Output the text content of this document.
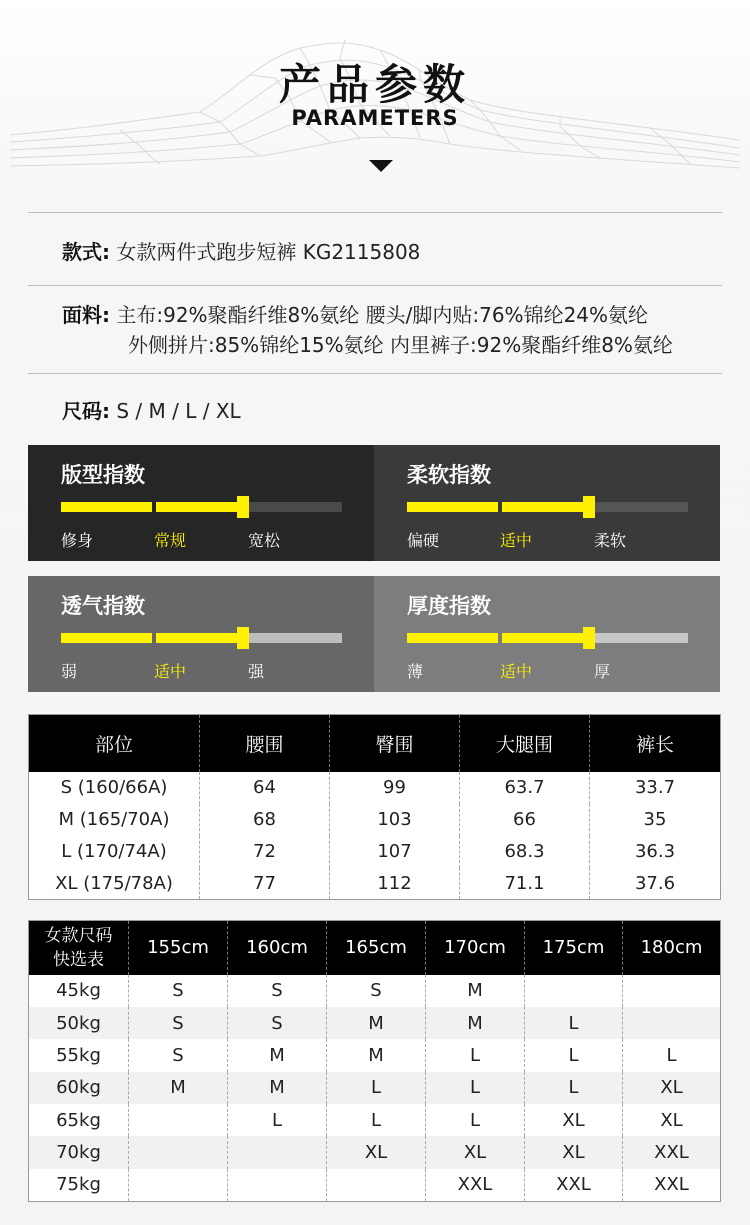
产品参数
PARAMETERS
款式: 女款两件式跑步短裤 KG2115808
面料: 主布:92%聚酯纤维8%氨纶 腰头/脚内贴:76%锦纶24%氨纶
外侧拼片:85%锦纶15%氨纶 内里裤子:92%聚酯纤维8%氨纶
尺码: S / M / L / XL
版型指数
修身	常规	宽松
柔软指数
偏硬	适中	柔软
透气指数
弱	适中	强
厚度指数
薄	适中	厚
部位	腰围	臀围	大腿围	裤长
S (160/66A)	64	99	63.7	33.7
M (165/70A)	68	103	66	35
L (170/74A)	72	107	68.3	36.3
XL (175/78A)	77	112	71.1	37.6
女款尺码
快选表	155cm	160cm	165cm	170cm	175cm	180cm
45kg	S	S	S	M		
50kg	S	S	M	M	L	
55kg	S	M	M	L	L	L
60kg	M	M	L	L	L	XL
65kg		L	L	L	XL	XL
70kg			XL	XL	XL	XXL
75kg				XXL	XXL	XXL
